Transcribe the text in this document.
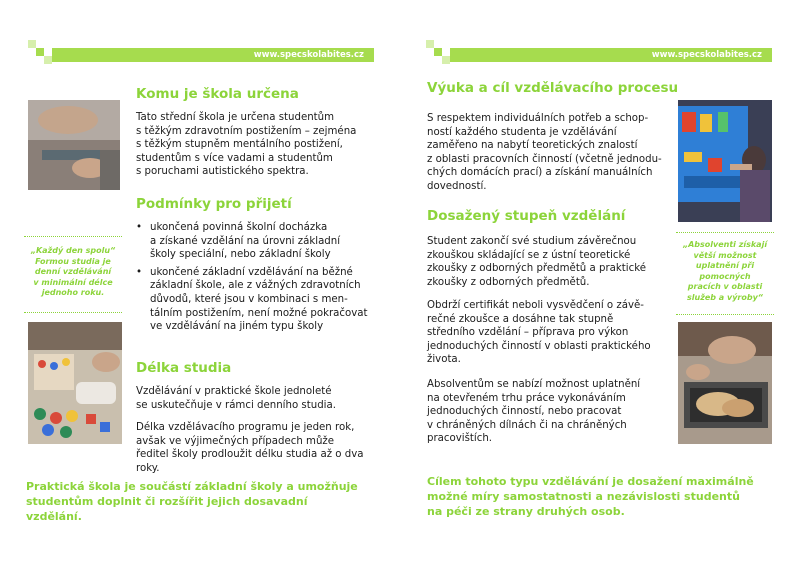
www.specskolabites.cz
Komu je škola určena

Tato střední škola je určena studentům
s těžkým zdravotním postižením – zejména
s těžkým stupněm mentálního postižení,
studentům s více vadami a studentům
s poruchami autistického spektra.

Podmínky pro přijetí
• ukončená povinná školní docházka
a získané vzdělání na úrovni základní
školy speciální, nebo základní školy
• ukončené základní vzdělávání na běžné
základní škole, ale z vážných zdravotních
důvodů, které jsou v kombinaci s men-
tálním postižením, není možné pokračovat
ve vzdělávání na jiném typu školy

„Každý den spolu“
Formou studia je
denní vzdělávání
v minimální délce
jednoho roku.

Délka studia

Vzdělávání v praktické škole jednoleté
se uskutečňuje v rámci denního studia.

Délka vzdělávacího programu je jeden rok,
avšak ve výjimečných případech může
ředitel školy prodloužit délku studia až o dva
roky.

Praktická škola je součástí základní školy a umožňuje
studentům doplnit či rozšířit jejich dosavadní
vzdělání.

www.specskolabites.cz
Výuka a cíl vzdělávacího procesu

S respektem individuálních potřeb a schop-
ností každého studenta je vzdělávání
zaměřeno na nabytí teoretických znalostí
z oblasti pracovních činností (včetně jednodu-
chých domácích prací) a získání manuálních
dovedností.

Dosažený stupeň vzdělání

Student zakončí své studium závěrečnou
zkouškou skládající se z ústní teoretické
zkoušky z odborných předmětů a praktické
zkoušky z odborných předmětů.

Obdrží certifikát neboli vysvědčení o závě-
rečné zkoušce a dosáhne tak stupně
středního vzdělání – příprava pro výkon
jednoduchých činností v oblasti praktického
života.

Absolventům se nabízí možnost uplatnění
na otevřeném trhu práce vykonáváním
jednoduchých činností, nebo pracovat
v chráněných dílnách či na chráněných
pracovištích.

„Absolventi získají
větší možnost
uplatnění při
pomocných
pracích v oblasti
služeb a výroby“

Cílem tohoto typu vzdělávání je dosažení maximálně
možné míry samostatnosti a nezávislosti studentů
na péči ze strany druhých osob.
